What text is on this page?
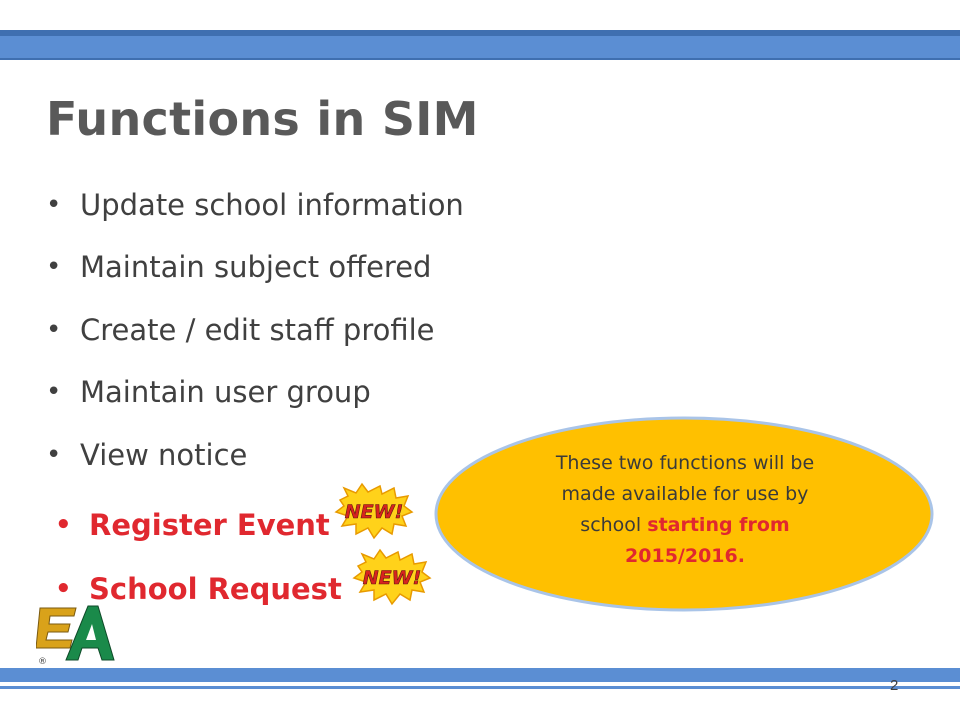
Functions in SIM
• Update school information
• Maintain subject offered
• Create / edit staff profile
• Maintain user group
• View notice
• Register Event
• School Request
NEW!
NEW!
These two functions will be
made available for use by
school starting from
2015/2016.
®
2
